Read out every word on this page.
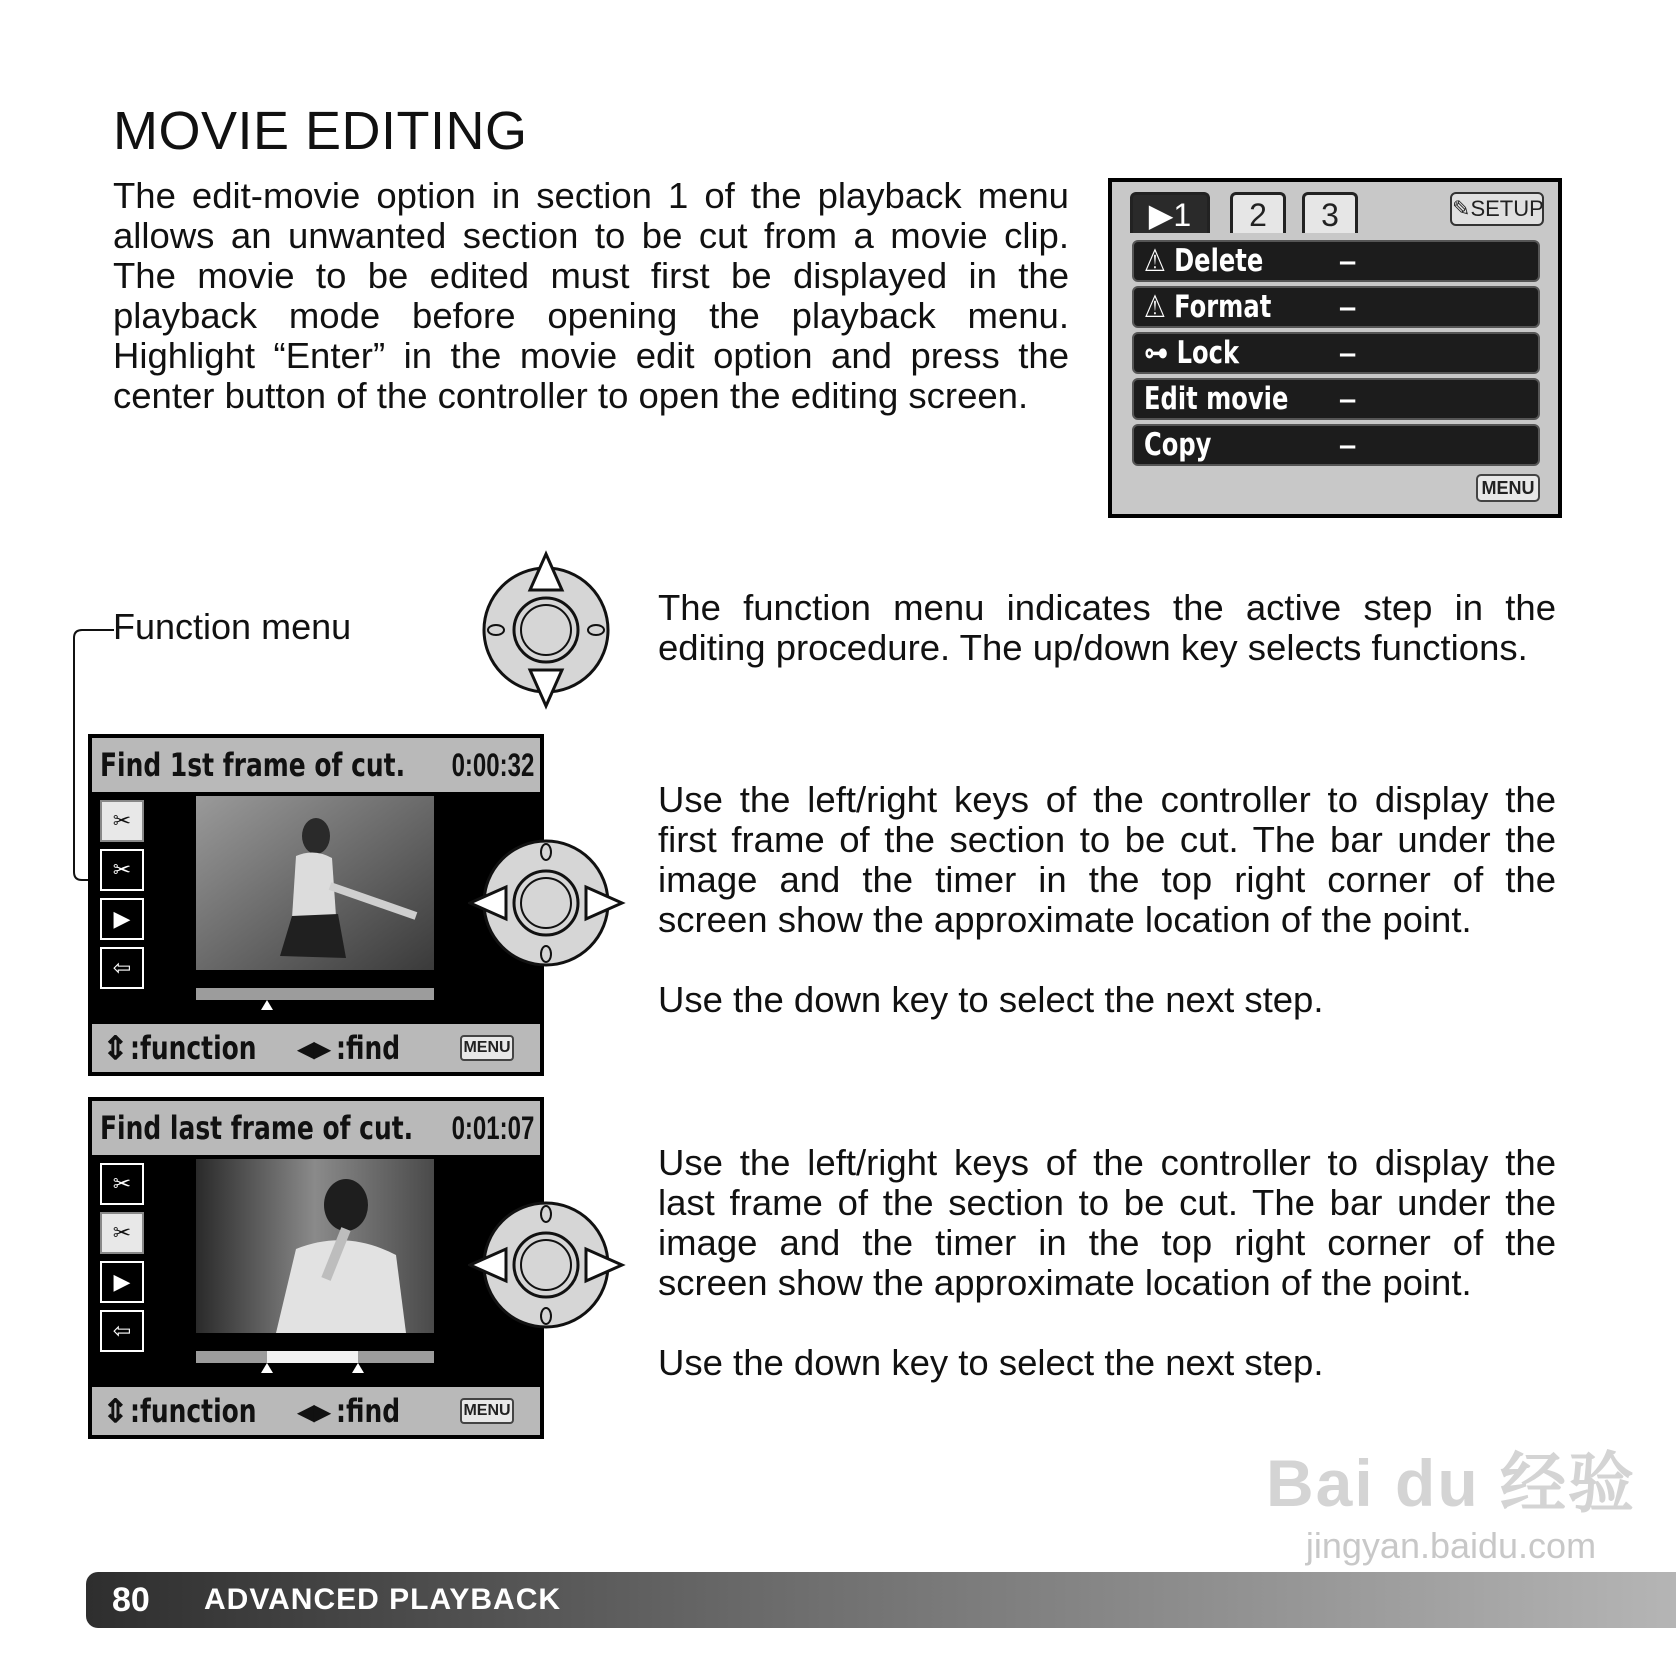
MOVIE EDITING
The edit-movie option in section 1 of the playback menu allows an unwanted section to be cut from a movie clip. The movie to be edited must first be displayed in the playback mode before opening the playback menu. Highlight “Enter” in the movie edit option and press the center button of the controller to open the editing screen.
▶1	2	3	✎SETUP
⚠ Delete –
⚠ Format –
⊶ Lock	–
Edit movie –
Copy	–
MENU
Function menu	The function menu indicates the active step in the editing procedure. The up/down key selects functions.
Find 1st frame of cut. 0:00:32
✂
✂
▶
⇦
⇕ :function ◂▸ :find	MENU
Use the left/right keys of the controller to display the first frame of the section to be cut. The bar under the image and the timer in the top right corner of the screen show the approximate location of the point.
Use the down key to select the next step.
Find last frame of cut. 0:01:07
✂
✂
▶
⇦
⇕ :function ◂▸ :find	MENU
Use the left/right keys of the controller to display the last frame of the section to be cut. The bar under the image and the timer in the top right corner of the screen show the approximate location of the point.
Use the down key to select the next step.
Bai du 经验
jingyan.baidu.com
80 ADVANCED PLAYBACK
